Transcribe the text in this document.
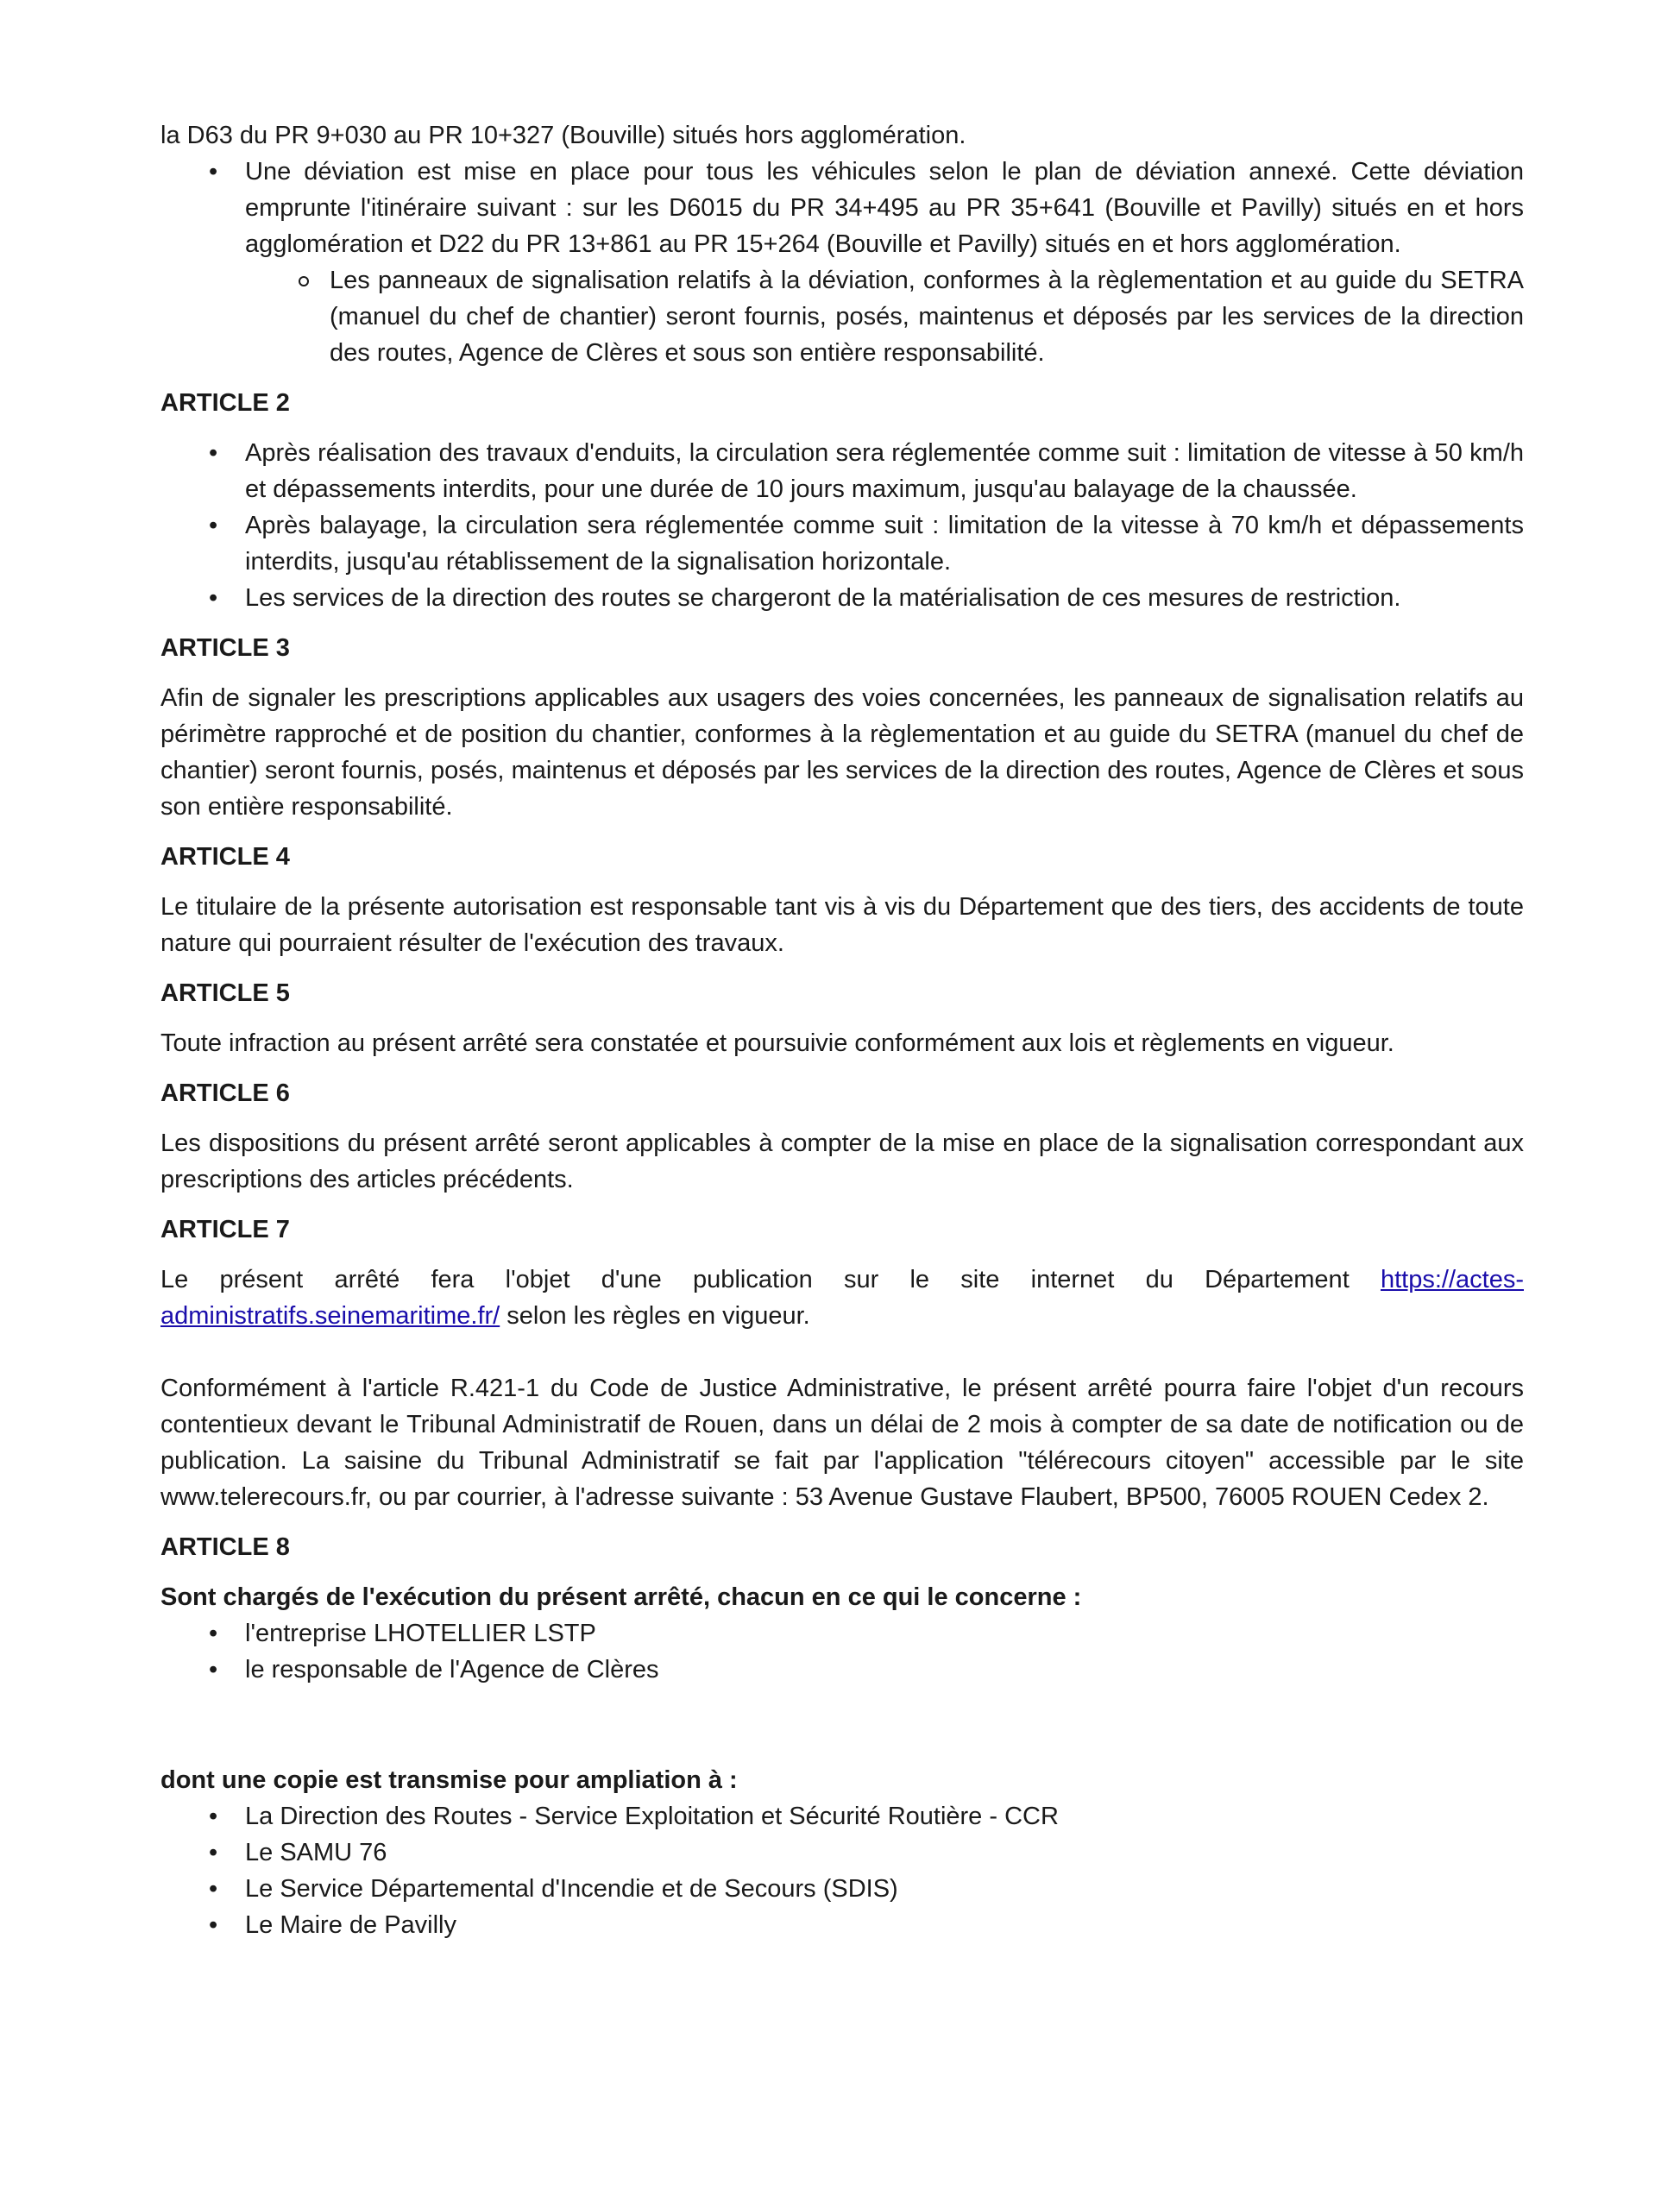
la D63 du PR 9+030 au PR 10+327 (Bouville) situés hors agglomération.

• Une déviation est mise en place pour tous les véhicules selon le plan de déviation annexé. Cette déviation emprunte l'itinéraire suivant : sur les D6015 du PR 34+495 au PR 35+641 (Bouville et Pavilly) situés en et hors agglomération et D22 du PR 13+861 au PR 15+264 (Bouville et Pavilly) situés en et hors agglomération.
Les panneaux de signalisation relatifs à la déviation, conformes à la règlementation et au guide du SETRA (manuel du chef de chantier) seront fournis, posés, maintenus et déposés par les services de la direction des routes, Agence de Clères et sous son entière responsabilité.

ARTICLE 2

• Après réalisation des travaux d'enduits, la circulation sera réglementée comme suit : limitation de vitesse à 50 km/h et dépassements interdits, pour une durée de 10 jours maximum, jusqu'au balayage de la chaussée.
• Après balayage, la circulation sera réglementée comme suit : limitation de la vitesse à 70 km/h et dépassements interdits, jusqu'au rétablissement de la signalisation horizontale.
• Les services de la direction des routes se chargeront de la matérialisation de ces mesures de restriction.

ARTICLE 3

Afin de signaler les prescriptions applicables aux usagers des voies concernées, les panneaux de signalisation relatifs au périmètre rapproché et de position du chantier, conformes à la règlementation et au guide du SETRA (manuel du chef de chantier) seront fournis, posés, maintenus et déposés par les services de la direction des routes, Agence de Clères et sous son entière responsabilité.

ARTICLE 4

Le titulaire de la présente autorisation est responsable tant vis à vis du Département que des tiers, des accidents de toute nature qui pourraient résulter de l'exécution des travaux.

ARTICLE 5

Toute infraction au présent arrêté sera constatée et poursuivie conformément aux lois et règlements en vigueur.

ARTICLE 6

Les dispositions du présent arrêté seront applicables à compter de la mise en place de la signalisation correspondant aux prescriptions des articles précédents.

ARTICLE 7

Le présent arrêté fera l'objet d'une publication sur le site internet du Département https://actes-administratifs.seinemaritime.fr/ selon les règles en vigueur.

Conformément à l'article R.421-1 du Code de Justice Administrative, le présent arrêté pourra faire l'objet d'un recours contentieux devant le Tribunal Administratif de Rouen, dans un délai de 2 mois à compter de sa date de notification ou de publication. La saisine du Tribunal Administratif se fait par l'application "télérecours citoyen" accessible par le site www.telerecours.fr, ou par courrier, à l'adresse suivante : 53 Avenue Gustave Flaubert, BP500, 76005 ROUEN Cedex 2.

ARTICLE 8

Sont chargés de l'exécution du présent arrêté, chacun en ce qui le concerne :

• l'entreprise LHOTELLIER LSTP
• le responsable de l'Agence de Clères

dont une copie est transmise pour ampliation à :

• La Direction des Routes - Service Exploitation et Sécurité Routière - CCR
• Le SAMU 76
• Le Service Départemental d'Incendie et de Secours (SDIS)
• Le Maire de Pavilly
